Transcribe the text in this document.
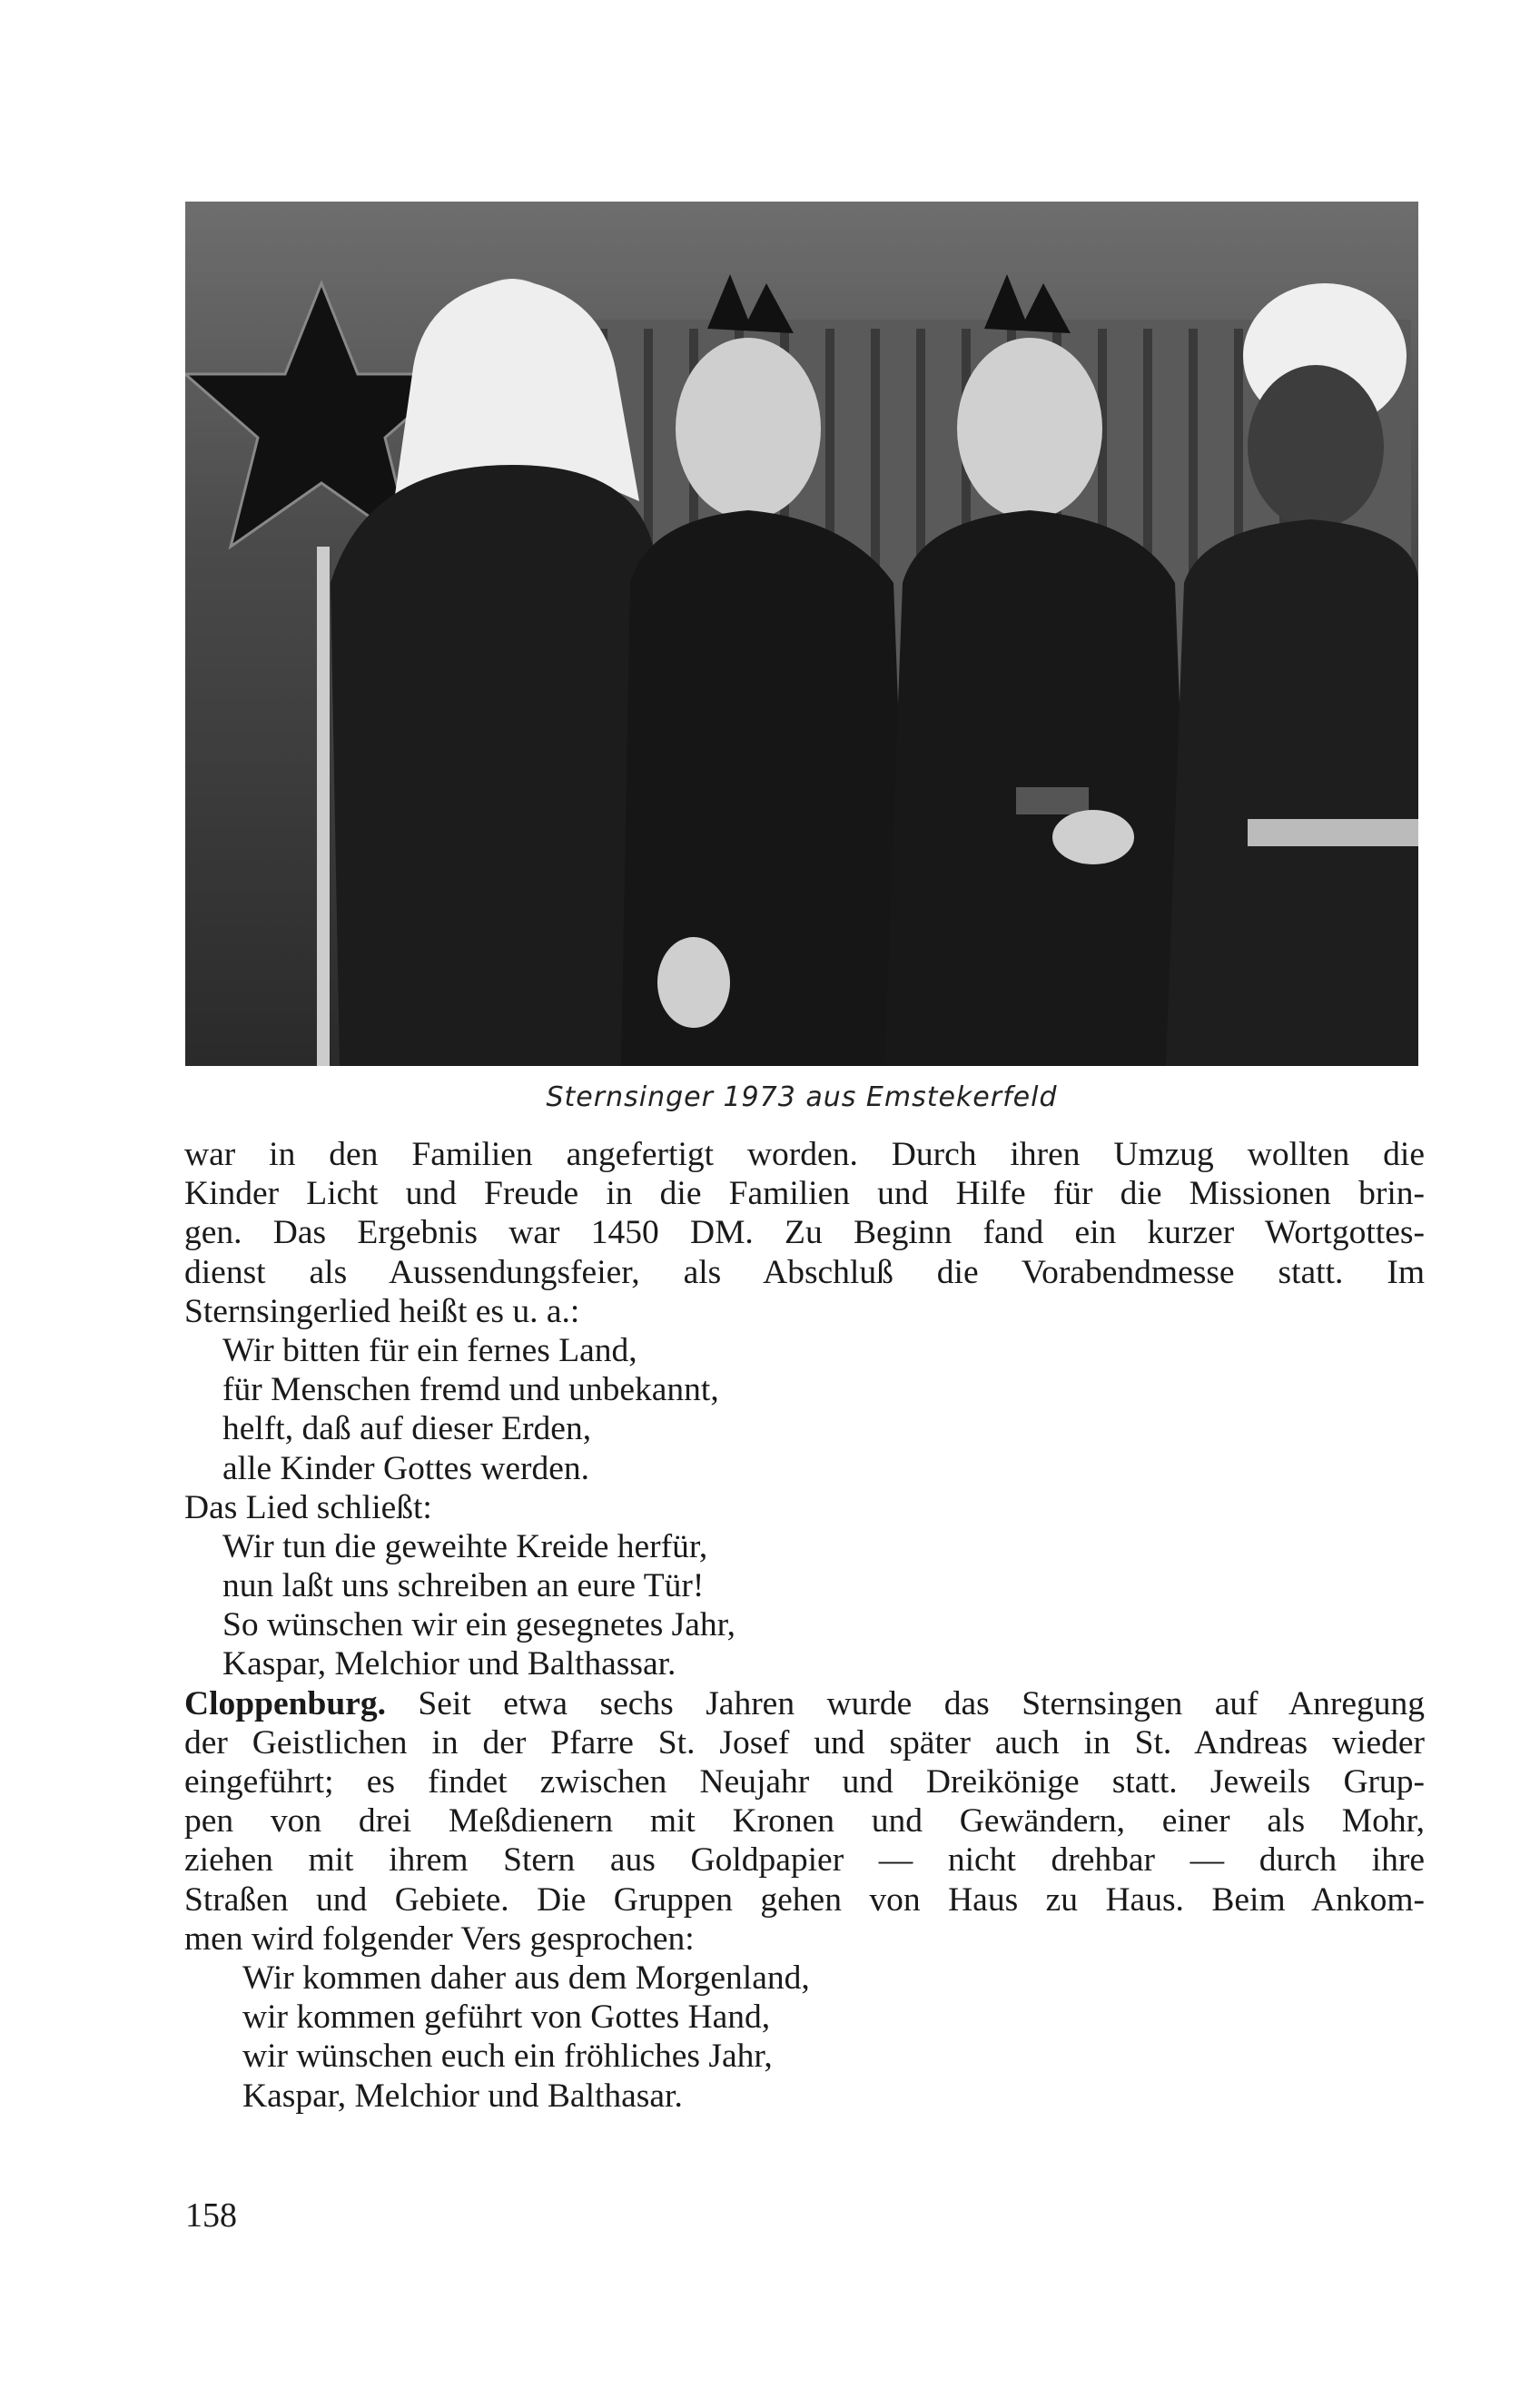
Sternsinger 1973 aus Emstekerfeld
war in den Familien angefertigt worden. Durch ihren Umzug wollten die
Kinder Licht und Freude in die Familien und Hilfe für die Missionen brin-
gen. Das Ergebnis war 1450 DM. Zu Beginn fand ein kurzer Wortgottes-
dienst als Aussendungsfeier, als Abschluß die Vorabendmesse statt. Im
Sternsingerlied heißt es u. a.:
Wir bitten für ein fernes Land,
für Menschen fremd und unbekannt,
helft, daß auf dieser Erden,
alle Kinder Gottes werden.
Das Lied schließt:
Wir tun die geweihte Kreide herfür,
nun laßt uns schreiben an eure Tür!
So wünschen wir ein gesegnetes Jahr,
Kaspar, Melchior und Balthassar.
Cloppenburg. Seit etwa sechs Jahren wurde das Sternsingen auf Anregung
der Geistlichen in der Pfarre St. Josef und später auch in St. Andreas wieder
eingeführt; es findet zwischen Neujahr und Dreikönige statt. Jeweils Grup-
pen von drei Meßdienern mit Kronen und Gewändern, einer als Mohr,
ziehen mit ihrem Stern aus Goldpapier — nicht drehbar — durch ihre
Straßen und Gebiete. Die Gruppen gehen von Haus zu Haus. Beim Ankom-
men wird folgender Vers gesprochen:
Wir kommen daher aus dem Morgenland,
wir kommen geführt von Gottes Hand,
wir wünschen euch ein fröhliches Jahr,
Kaspar, Melchior und Balthasar.
158
